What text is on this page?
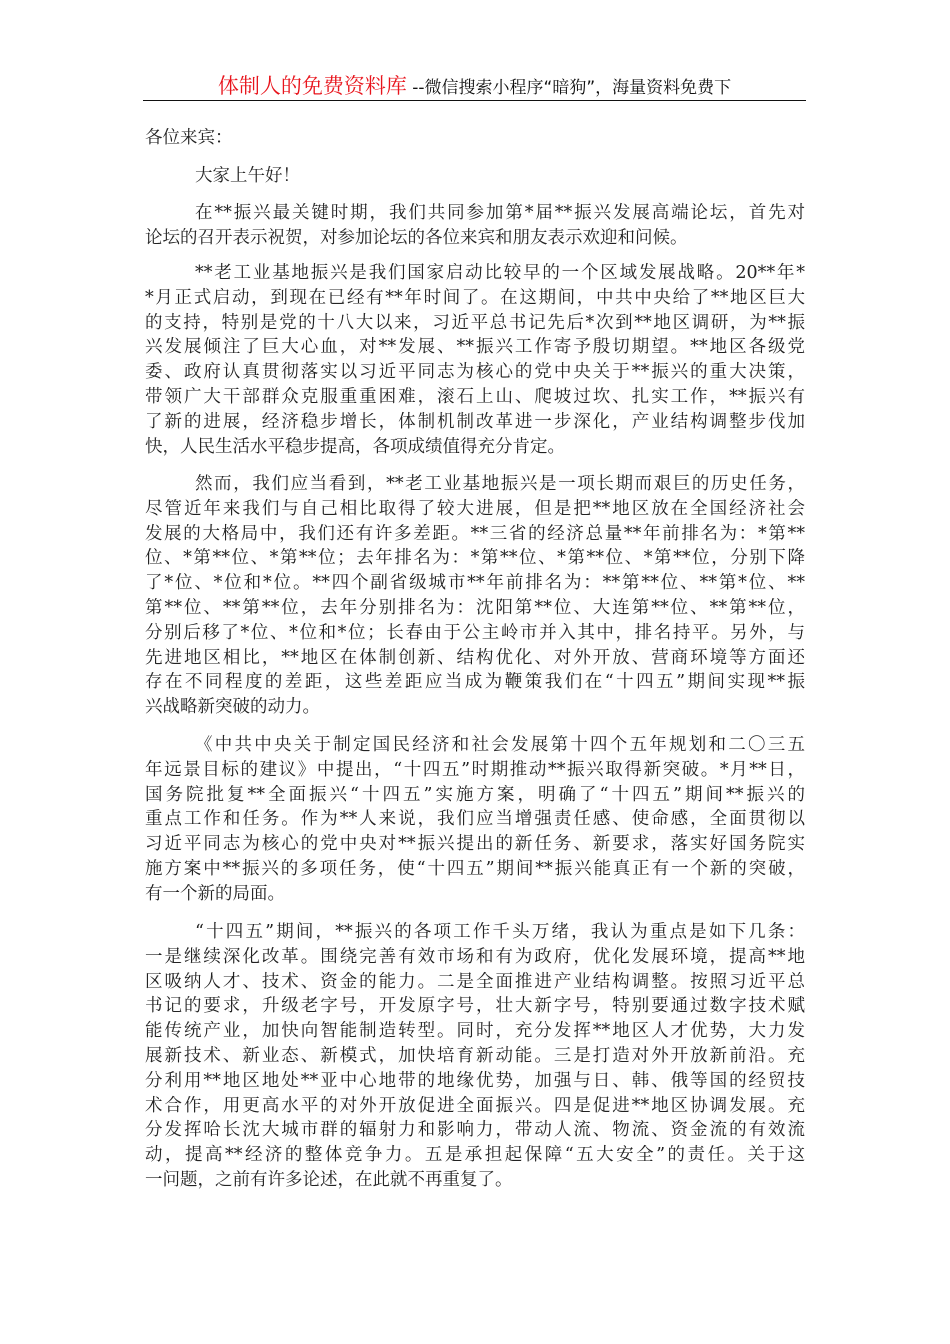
体制人的免费资料库 --微信搜索小程序“暗狗”，海量资料免费下
各位来宾：
大家上午好！
在**振兴最关键时期，我们共同参加第*届**振兴发展高端论坛，首先对
论坛的召开表示祝贺，对参加论坛的各位来宾和朋友表示欢迎和问候。
**老工业基地振兴是我们国家启动比较早的一个区域发展战略。20**年*
*月正式启动，到现在已经有**年时间了。在这期间，中共中央给了**地区巨大
的支持，特别是党的十八大以来，习近平总书记先后*次到**地区调研，为**振
兴发展倾注了巨大心血，对**发展、**振兴工作寄予殷切期望。**地区各级党
委、政府认真贯彻落实以习近平同志为核心的党中央关于**振兴的重大决策，
带领广大干部群众克服重重困难，滚石上山、爬坡过坎、扎实工作，**振兴有
了新的进展，经济稳步增长，体制机制改革进一步深化，产业结构调整步伐加
快，人民生活水平稳步提高，各项成绩值得充分肯定。
然而，我们应当看到，**老工业基地振兴是一项长期而艰巨的历史任务，
尽管近年来我们与自己相比取得了较大进展，但是把**地区放在全国经济社会
发展的大格局中，我们还有许多差距。**三省的经济总量**年前排名为：*第**
位、*第**位、*第**位；去年排名为：*第**位、*第**位、*第**位，分别下降
了*位、*位和*位。**四个副省级城市**年前排名为：**第**位、**第*位、**
第**位、**第**位，去年分别排名为：沈阳第**位、大连第**位、**第**位，
分别后移了*位、*位和*位；长春由于公主岭市并入其中，排名持平。另外，与
先进地区相比，**地区在体制创新、结构优化、对外开放、营商环境等方面还
存在不同程度的差距，这些差距应当成为鞭策我们在“十四五”期间实现**振
兴战略新突破的动力。
《中共中央关于制定国民经济和社会发展第十四个五年规划和二〇三五
年远景目标的建议》中提出，“十四五”时期推动**振兴取得新突破。*月**日，
国务院批复**全面振兴“十四五”实施方案，明确了“十四五”期间**振兴的
重点工作和任务。作为**人来说，我们应当增强责任感、使命感，全面贯彻以
习近平同志为核心的党中央对**振兴提出的新任务、新要求，落实好国务院实
施方案中**振兴的多项任务，使“十四五”期间**振兴能真正有一个新的突破，
有一个新的局面。
“十四五”期间，**振兴的各项工作千头万绪，我认为重点是如下几条：
一是继续深化改革。围绕完善有效市场和有为政府，优化发展环境，提高**地
区吸纳人才、技术、资金的能力。二是全面推进产业结构调整。按照习近平总
书记的要求，升级老字号，开发原字号，壮大新字号，特别要通过数字技术赋
能传统产业，加快向智能制造转型。同时，充分发挥**地区人才优势，大力发
展新技术、新业态、新模式，加快培育新动能。三是打造对外开放新前沿。充
分利用**地区地处**亚中心地带的地缘优势，加强与日、韩、俄等国的经贸技
术合作，用更高水平的对外开放促进全面振兴。四是促进**地区协调发展。充
分发挥哈长沈大城市群的辐射力和影响力，带动人流、物流、资金流的有效流
动，提高**经济的整体竞争力。五是承担起保障“五大安全”的责任。关于这
一问题，之前有许多论述，在此就不再重复了。
